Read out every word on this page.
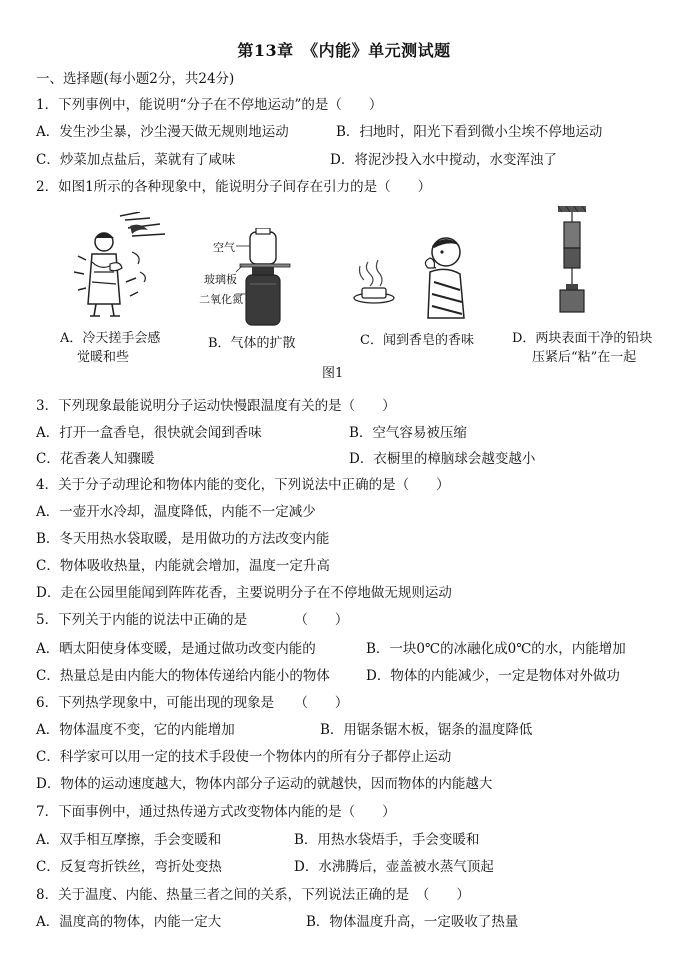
第13章　《内能》单元测试题
一、选择题(每小题2分，共24分)
1．下列事例中，能说明“分子在不停地运动”的是（　　）
A．发生沙尘暴，沙尘漫天做无规则地运动	B．扫地时，阳光下看到微小尘埃不停地运动
C．炒菜加点盐后，菜就有了咸味	D．将泥沙投入水中搅动，水变浑浊了
2．如图1所示的各种现象中，能说明分子间存在引力的是（　　）
空气
玻璃板
二氧化氮
A．冷天搓手会感
觉暖和些
B．气体的扩散	C．闻到香皂的香味	D．两块表面干净的铅块
压紧后“粘”在一起
图1
3．下列现象最能说明分子运动快慢跟温度有关的是（　　）
A．打开一盒香皂，很快就会闻到香味	B．空气容易被压缩
C．花香袭人知骤暖	D．衣橱里的樟脑球会越变越小
4．关于分子动理论和物体内能的变化，下列说法中正确的是（　　）
A．一壶开水冷却，温度降低，内能不一定减少
B．冬天用热水袋取暖，是用做功的方法改变内能
C．物体吸收热量，内能就会增加，温度一定升高
D．走在公园里能闻到阵阵花香，主要说明分子在不停地做无规则运动
5．下列关于内能的说法中正确的是　　　　（　　）
A．晒太阳使身体变暖，是通过做功改变内能的	B．一块0℃的冰融化成0℃的水，内能增加
C．热量总是由内能大的物体传递给内能小的物体	D．物体的内能减少，一定是物体对外做功
6．下列热学现象中，可能出现的现象是　　（　　）
A．物体温度不变，它的内能增加	B．用锯条锯木板，锯条的温度降低
C．科学家可以用一定的技术手段使一个物体内的所有分子都停止运动
D．物体的运动速度越大，物体内部分子运动的就越快，因而物体的内能越大
7．下面事例中，通过热传递方式改变物体内能的是（　　）
A．双手相互摩擦，手会变暖和	B．用热水袋焐手，手会变暖和
C．反复弯折铁丝，弯折处变热	D．水沸腾后，壶盖被水蒸气顶起
8．关于温度、内能、热量三者之间的关系，下列说法正确的是　（　　）
A．温度高的物体，内能一定大	B．物体温度升高，一定吸收了热量
